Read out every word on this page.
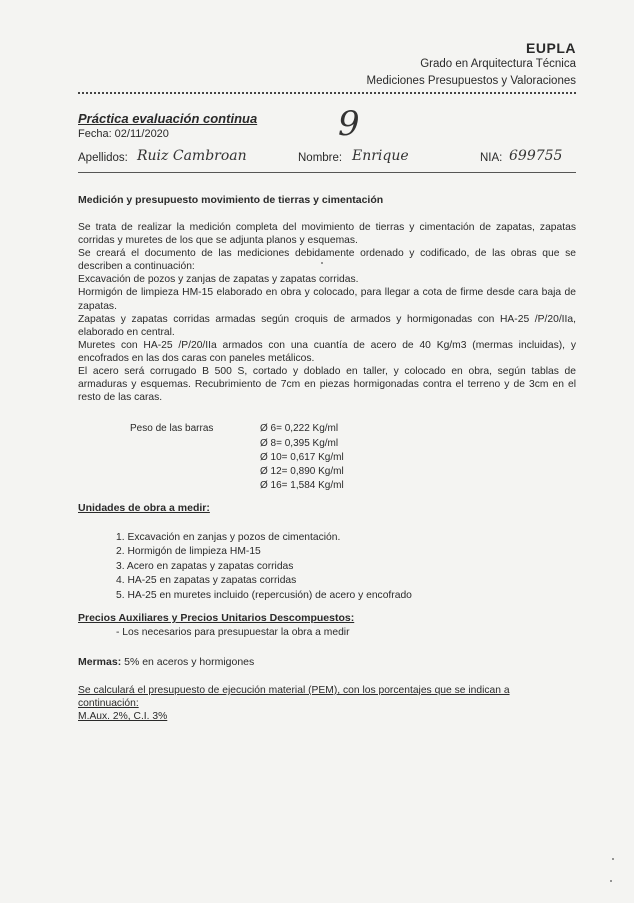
EUPLA
Grado en Arquitectura Técnica
Mediciones Presupuestos y Valoraciones
Práctica evaluación continua
Fecha: 02/11/2020	9
Apellidos: Ruiz Cambroan	Nombre: Enrique	NIA: 699755
Medición y presupuesto movimiento de tierras y cimentación

Se trata de realizar la medición completa del movimiento de tierras y cimentación de zapatas, zapatas corridas y muretes de los que se adjunta planos y esquemas.

Se creará el documento de las mediciones debidamente ordenado y codificado, de las obras que se describen a continuación:

Excavación de pozos y zanjas de zapatas y zapatas corridas.

Hormigón de limpieza HM-15 elaborado en obra y colocado, para llegar a cota de firme desde cara baja de zapatas.

Zapatas y zapatas corridas armadas según croquis de armados y hormigonadas con HA-25 /P/20/IIa, elaborado en central.

Muretes con HA-25 /P/20/IIa armados con una cuantía de acero de 40 Kg/m3 (mermas incluidas), y encofrados en las dos caras con paneles metálicos.

El acero será corrugado B 500 S, cortado y doblado en taller, y colocado en obra, según tablas de armaduras y esquemas. Recubrimiento de 7cm en piezas hormigonadas contra el terreno y de 3cm en el resto de las caras.

Peso de las barras	Ø 6= 0,222 Kg/ml
Ø 8= 0,395 Kg/ml
Ø 10= 0,617 Kg/ml
Ø 12= 0,890 Kg/ml
Ø 16= 1,584 Kg/ml
Unidades de obra a medir:
1. Excavación en zanjas y pozos de cimentación.
2. Hormigón de limpieza HM-15
3. Acero en zapatas y zapatas corridas
4. HA-25 en zapatas y zapatas corridas
5. HA-25 en muretes incluido (repercusión) de acero y encofrado
Precios Auxiliares y Precios Unitarios Descompuestos:
- Los necesarios para presupuestar la obra a medir
Mermas: 5% en aceros y hormigones
Se calculará el presupuesto de ejecución material (PEM), con los porcentajes que se indican a continuación:
M.Aux. 2%, C.I. 3%
